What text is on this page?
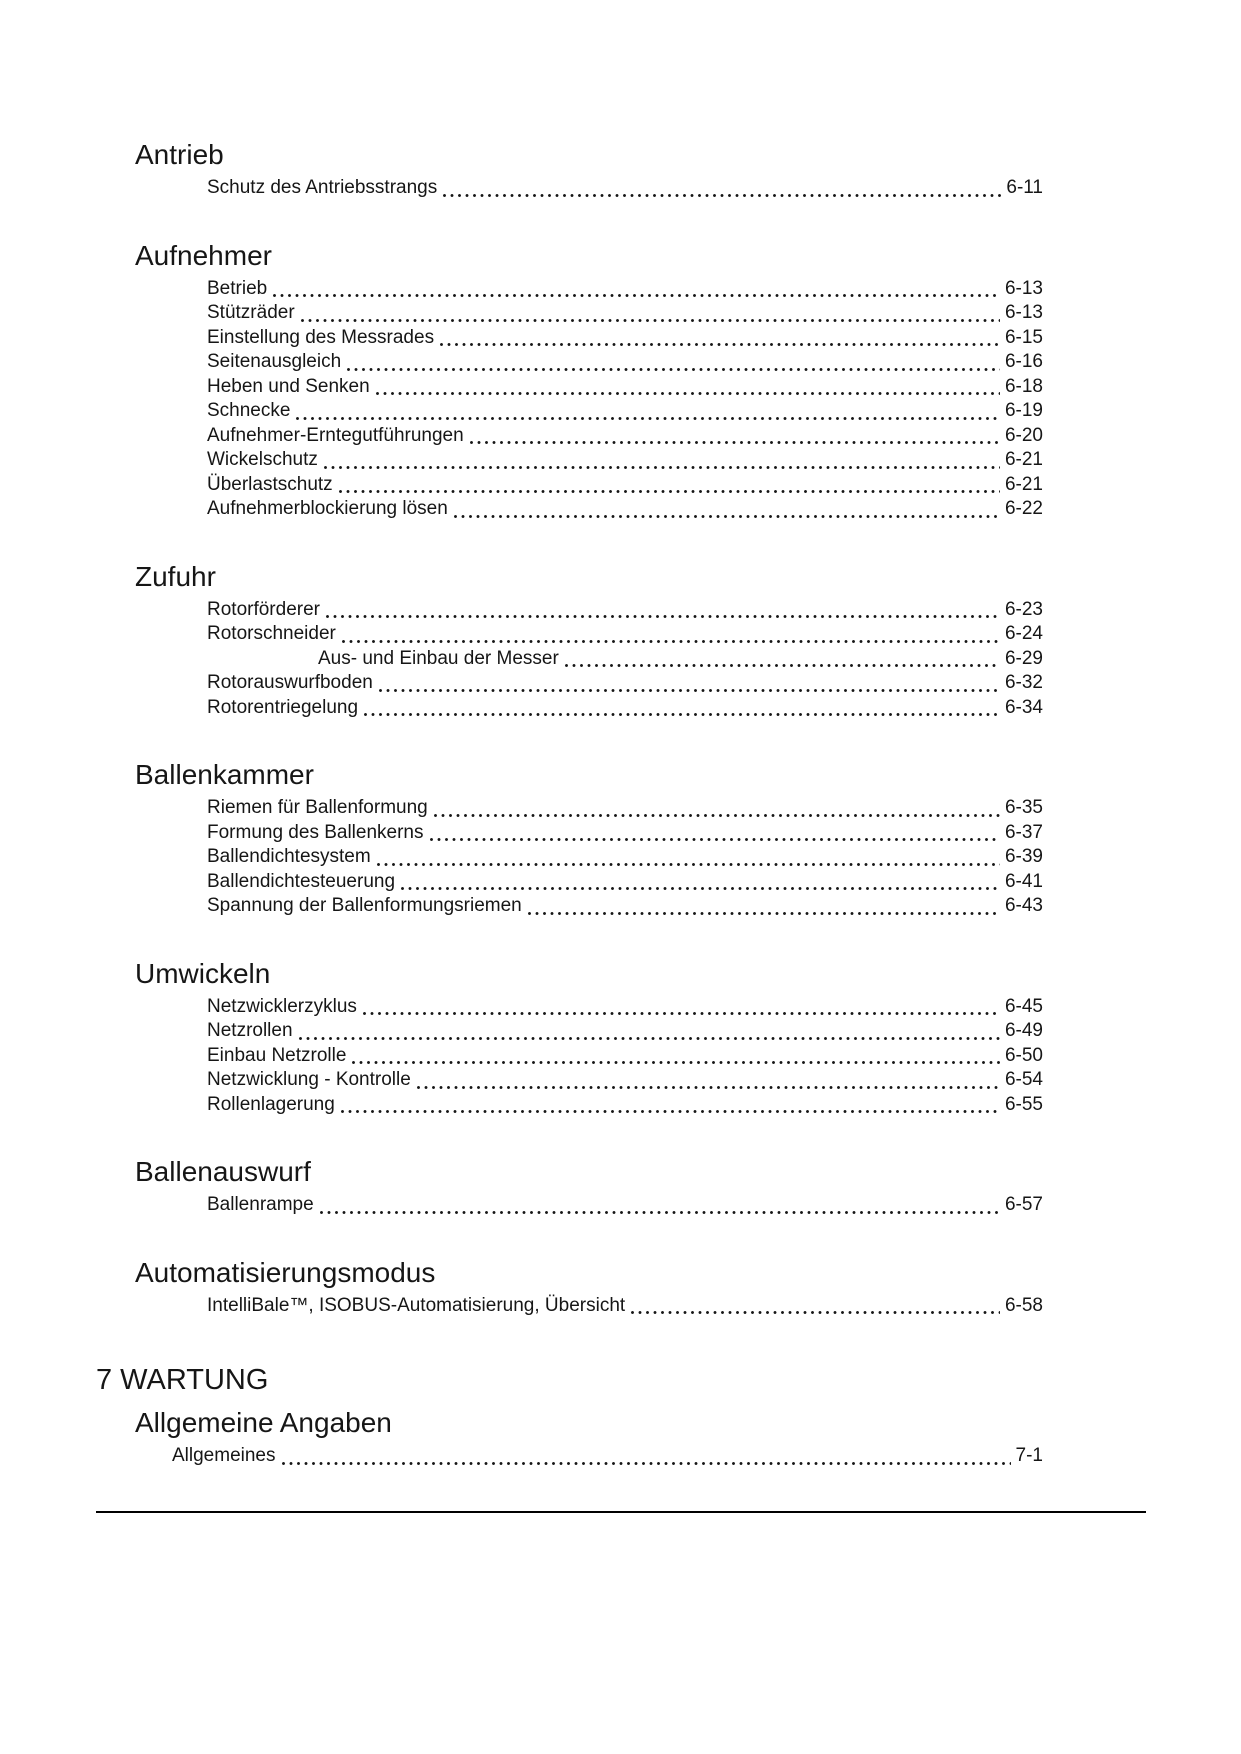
Antrieb
Schutz des Antriebsstrangs	6-11
Aufnehmer
Betrieb	6-13
Stützräder	6-13
Einstellung des Messrades	6-15
Seitenausgleich	6-16
Heben und Senken	6-18
Schnecke	6-19
Aufnehmer-Erntegutführungen	6-20
Wickelschutz	6-21
Überlastschutz	6-21
Aufnehmerblockierung lösen	6-22
Zufuhr
Rotorförderer	6-23
Rotorschneider	6-24
Aus- und Einbau der Messer	6-29
Rotorauswurfboden	6-32
Rotorentriegelung	6-34
Ballenkammer
Riemen für Ballenformung	6-35
Formung des Ballenkerns	6-37
Ballendichtesystem	6-39
Ballendichtesteuerung	6-41
Spannung der Ballenformungsriemen	6-43
Umwickeln
Netzwicklerzyklus	6-45
Netzrollen	6-49
Einbau Netzrolle	6-50
Netzwicklung - Kontrolle	6-54
Rollenlagerung	6-55
Ballenauswurf
Ballenrampe	6-57
Automatisierungsmodus
IntelliBale™, ISOBUS-Automatisierung, Übersicht	6-58
7 WARTUNG
Allgemeine Angaben
Allgemeines	7-1
